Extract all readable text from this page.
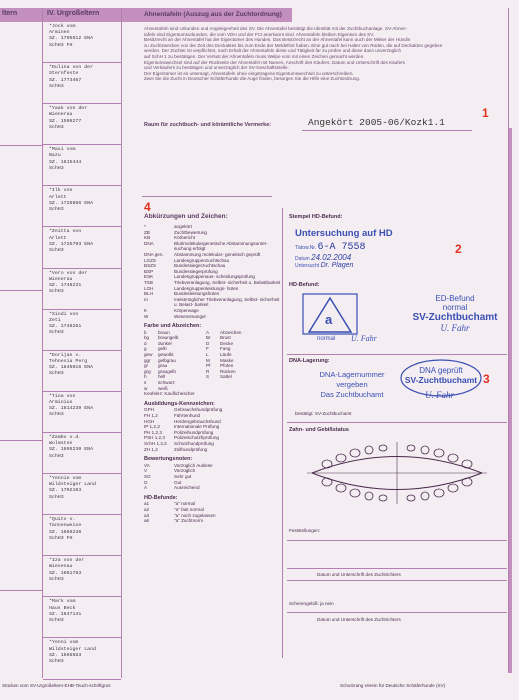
ltern	IV. Urgroßeltern
*Jock vom
Arminen
SZ. 1795612 ENA
SchH3 FH
*Dulina von der
Sternfeste
SZ. 1773467
SchH3
*Yaak von der
Wienerau
SZ. 1596277
SchH3
*Maxi vom
Bazu
SZ. 1615444
SchH3
*Ilk von
Arlett
SZ. 1726866 ENA
SchH3
*Zeitta von
Arlett
SZ. 1725793 ENA
SchH3
*Vero von der
Wienerau
SZ. 1748231
SchH3
*Sindi von
Zeti
SZ. 1748261
SchH3
*Dorijan v.
Tehnesia Perg
SZ. 1846016 ENA
SchH3
*Tina von
Arminius
SZ. 1814239 ENA
SchH3
*Zambo v.d.
Wolmsten
SZ. 1695230 ENA
SchH3
*Yennie vom
Wildsteiger Land
SZ. 1702193
SchH3
*Quito v.
Tannenweise
SZ. 1656236
SchH3 FH
*Iza von der
Wiesenau
SZ. 1661783
SchH3
*Mark vom
Haus Beck
SZ. 1647141
SchH3
*Yenni vom
Wildsteiger Land
SZ. 1666583
SchH3
Ahnentafeln (Auszug aus der Zuchtordnung)
Ahnentafeln sind Urkunden und Angelegenheit des SV. Die Ahnentafel bestätigt die Identität mit der Zuchtbuchanlage. SV-Ahnen-
tafeln sind Eigentumsurkunden, die vom VDH und der FCI anerkannt sind. Ahnentafeln bleiben Eigentum des SV.
Besitzrecht an der Ahnentafel hat der Eigentümer des Hundes. Das Besitzrecht an der Ahnentafel kann auch der Mieter der Hündin
zu Zuchtzwecken von der Zeit des Deckaktes bis zum Ende der Meldefrist haben. Eine gut nach bei Halter von Rüden, die auf Deckakten gegeben
werden. Der Züchter ist verpflichtet, nach Erhalt der Ahnentafeln diese und Tätigkeit für zu prüfen und diese dann unverzüglich
auf SchH 1 zu bestätigen. Der Verlust der Ahnentafeln muss Welpe vom mit einen Zeichen gemacht werden.
Eigentumswechsel sind auf der Rückseite der Ahnentafel mit Namen, Anschrift des Käufers, Datum und Unterschrift des Käufers
und Verkäufers zu bestätigen und unverzüglich der SV-Geschäftsstelle.
Der Eigentümer ist es untersagt, Ahnentafeln ohne eingetragene Eigentumswechsel zu unterschreiben.
Zwei Sie die Zucht in Deutscher Schäferhunde die Auge finden, besorgen Sie die Hilfe eine Zuchtordnung.
Raum für zuchtbuch- und körämtliche Vermerke:	Angekört 2005-06/Kozk1.1
1
4
Abkürzungen und Zeichen:
*	angekört
ZB	Zuchtbewertung
KB	Körbericht
DNA	Blut/molekulargenetische Abstammungsunter- suchung erfolgt
DNA gen.	Abstammung molekular- genetisch geprüft
LGZS	Landesgruppenzuchtschau
BSZS	Bundessiegerzuchtschau
BSP	Bundessiegerprüfung
ESK	Landesgruppenaus- scheidungsprüfung
TSB	Triebveranlagung, Selbst- sicherheit u. Belastbarkeit
LGH	Landesgruppenleistungs- hüten
BLH	Bundesleistungshüten
m	meistmöglicher Triebveranlagung, Selbst- sicherheit u. Belast- barkeit
K	Körperwage
W	Wesensmangel
Farbe und Abzeichen:
b	braun	A	Abzeichen
bg	braungelb	Br	Brust
d	dunkel	D	Decke
g	gelb	F	Fang
gew	gewolkt	L	Läufe
ggr	gelbgrau	M	Maske
gr	grau	Pf	Pfoten
grg	graugelb	R	Rücken
h	hell	S	Sattel
s	schwarz
w	weiß
Keofelez: Kauflichescher
Ausbildungs-Kennzeichen:
GPH	Gebrauchshundprüfung
FH 1,2	Fährtenhund
HGH	Herdengebrauchshund
IP 1,2,3	Internationale Prüfung
PH 1,2,3	Polizeihundprüfung
PSH 1,2,3	Polizeischutzhprüfung
SchH 1,2,3	Schutzhundprüfung
ZH 1,2	Zollhundprüfung
Bewertungsnoten:
VA	Vorzüglich Auslese
V	Vorzüglich
SG	Sehr gut
G	Gut
A	Ausreichend
HD-Befunde:
a1	"a" normal
a2	"a" fast normal
a3	"a" noch zugelassen
a6	"a" Zuchtnorm
Stempel HD-Befund:
Untersuchung auf HD
Tätow.Nr. 6-A 7558
Datum 24.02.2004
Untersucht Dr. Plagen
2
HD-Befund:
a
normal
ED-Befund
normal
SV-Zuchtbuchamt
U. Fahr
U. Fahr
DNA-Lagerung:
DNA-Lagernummer
vergeben
Das Zuchtbuchamt
DNA geprüft
SV-Zuchtbuchamt
U. Fahr
3
bestätigt: SV-Zuchtbuchamt
Zahn- und Gebißstatus
Feststellungen:
Datum und Unterschrift des Zuchtrichters
Scherengebiß: ja nein
Datum und Unterschrift des Zuchtrichters
Stücken vom SV-Urgroßeltern-EHB-Teuch-schriftgros	Schutzrang Verein für Deutsche Schäferhunde (SV)
